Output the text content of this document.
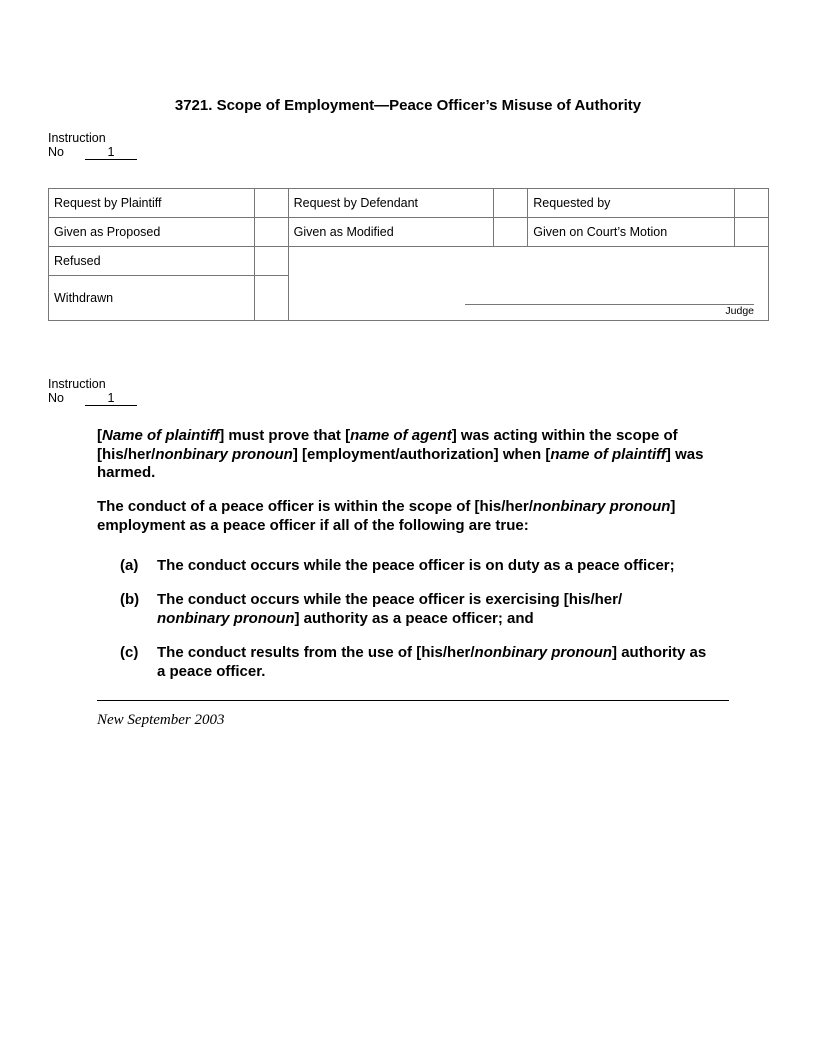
3721. Scope of Employment—Peace Officer’s Misuse of Authority
Instruction
No	1
Request by Plaintiff		Request by Defendant		Requested by	
Given as Proposed		Given as Modified		Given on Court’s Motion	
Refused		Judge			

Withdrawn					
Instruction
No	1

[Name of plaintiff] must prove that [name of agent] was acting within the scope of [his/her/nonbinary pronoun] [employment/authorization] when [name of plaintiff] was harmed.

The conduct of a peace officer is within the scope of [his/her/nonbinary pronoun] employment as a peace officer if all of the following are true:

(a) The conduct occurs while the peace officer is on duty as a peace officer;
(b) The conduct occurs while the peace officer is exercising [his/her/
nonbinary pronoun] authority as a peace officer; and
(c) The conduct results from the use of [his/her/nonbinary pronoun] authority as a peace officer.
New September 2003
